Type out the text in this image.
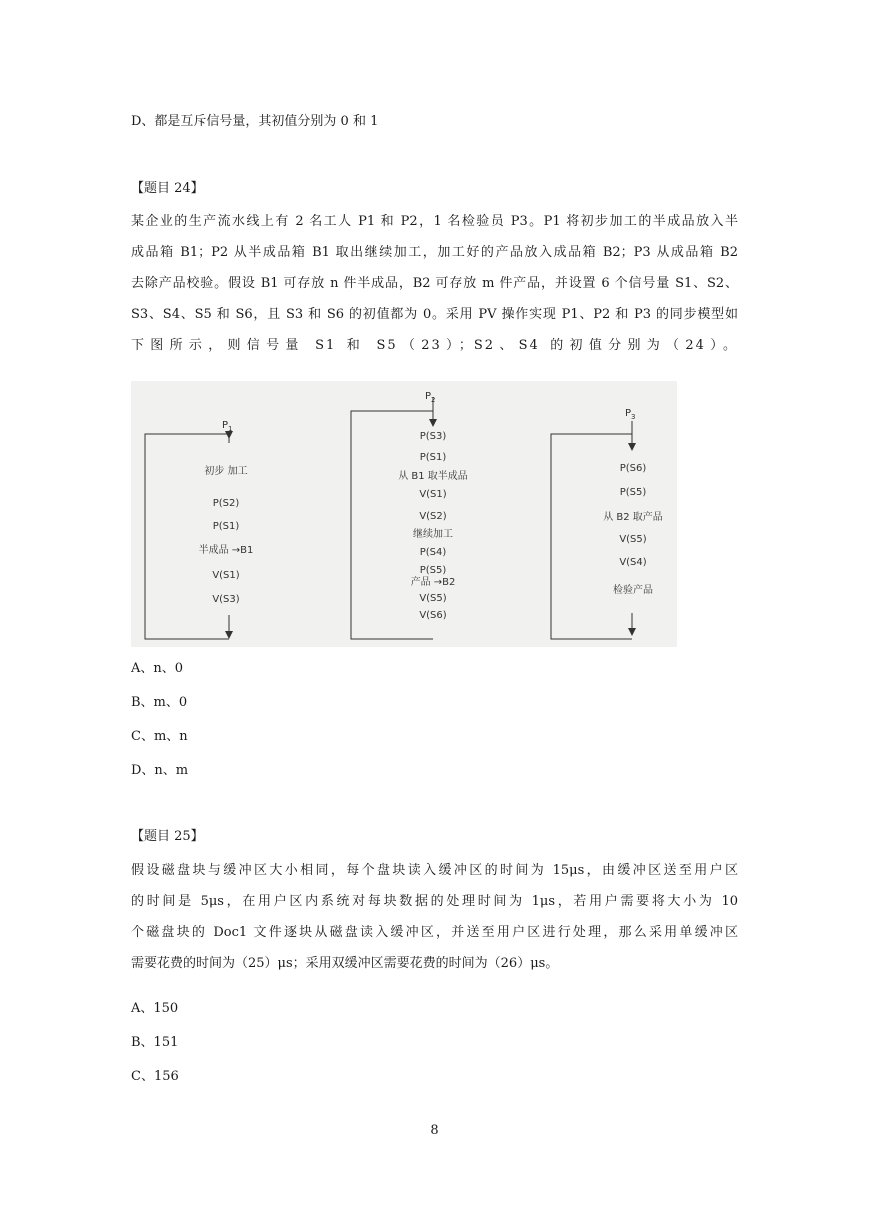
D、都是互斥信号量，其初值分别为 0 和 1
【题目 24】
某企业的生产流水线上有 2 名工人 P1 和 P2，1 名检验员 P3。P1 将初步加工的半成品放入半
成品箱 B1；P2 从半成品箱 B1 取出继续加工，加工好的产品放入成品箱 B2；P3 从成品箱 B2
去除产品校验。假设 B1 可存放 n 件半成品，B2 可存放 m 件产品，并设置 6 个信号量 S1、S2、
S3、S4、S5 和 S6，且 S3 和 S6 的初值都为 0。采用 PV 操作实现 P1、P2 和 P3 的同步模型如
下图所示，则信号量 S1 和 S5（23）；S2、S4 的初值分别为（24）。
$P_1$
初步 加工
P(S2)
P(S1)
半成品 →B1
V(S1)
V(S3)
$P_2$
P(S3)
P(S1)
从 B1 取半成品
V(S1)
V(S2)
继续加工
P(S4)
P(S5)
产品 →B2
V(S5)
V(S6)
$P_3$
P(S6)
P(S5)
从 B2 取产品
V(S5)
V(S4)
检验产品
A、n、0
B、m、0
C、m、n
D、n、m
【题目 25】
假设磁盘块与缓冲区大小相同，每个盘块读入缓冲区的时间为 15μs，由缓冲区送至用户区
的时间是 5μs，在用户区内系统对每块数据的处理时间为 1μs，若用户需要将大小为 10
个磁盘块的 Doc1 文件逐块从磁盘读入缓冲区，并送至用户区进行处理，那么采用单缓冲区
需要花费的时间为（25）μs；采用双缓冲区需要花费的时间为（26）μs。
A、150
B、151
C、156
8
